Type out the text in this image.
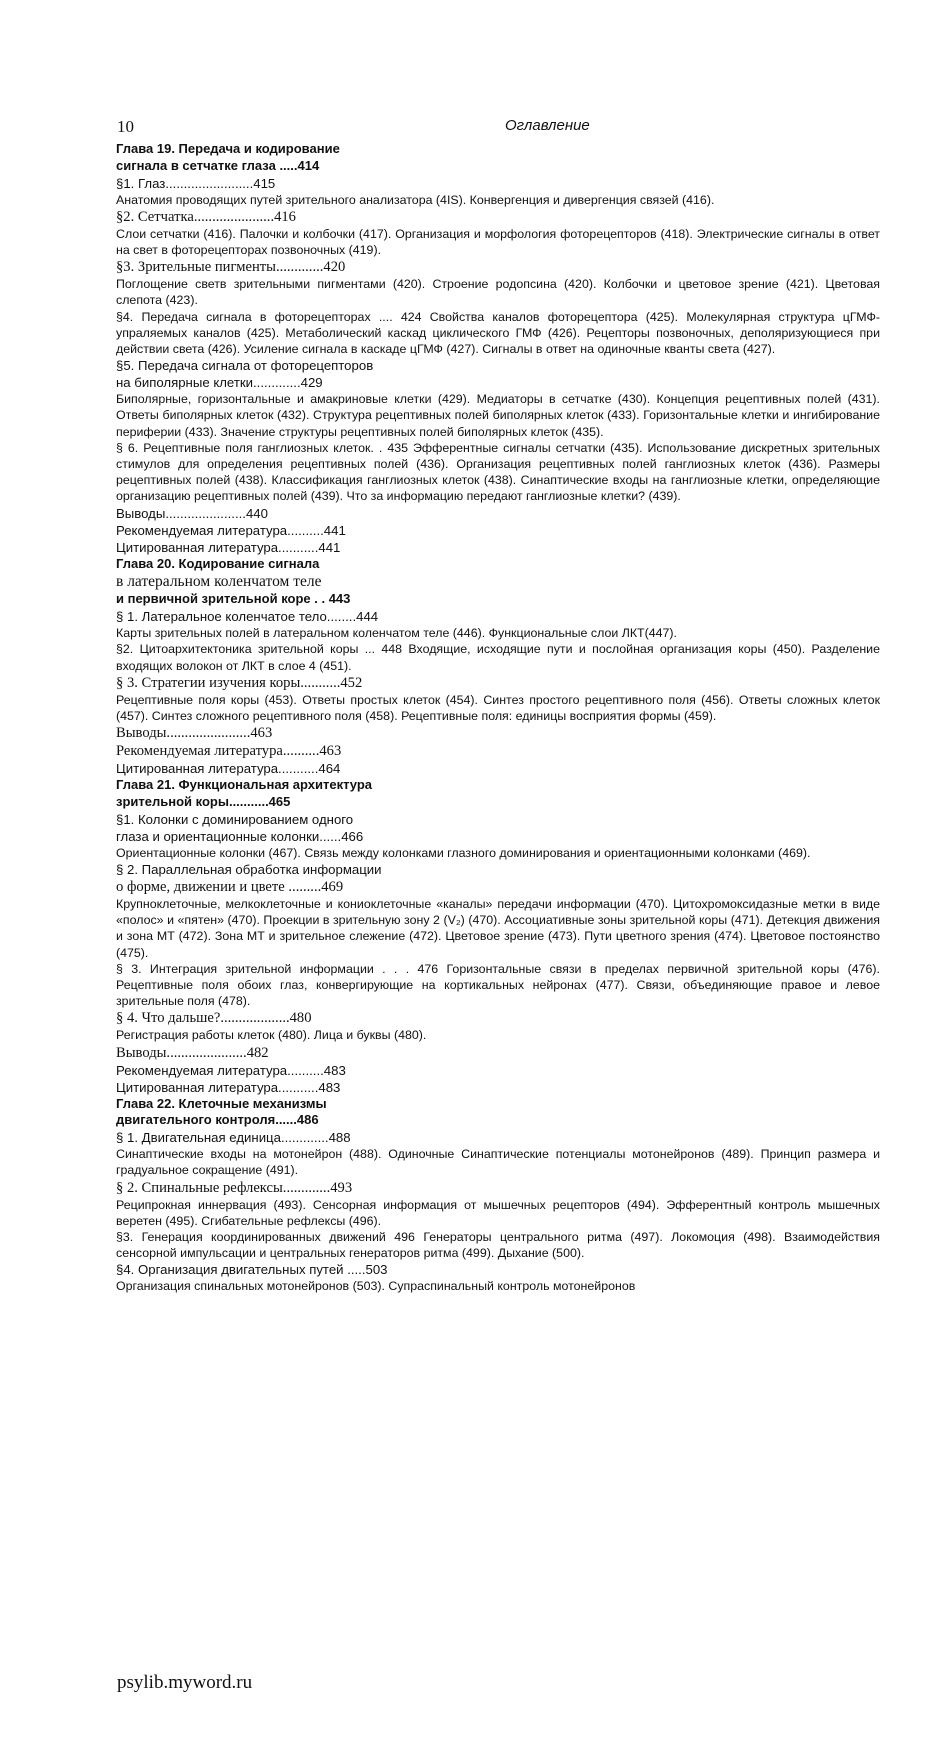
10	Оглавление
Глава 19. Передача и кодирование
сигнала в сетчатке глаза .....414
§1. Глаз........................415
Анатомия проводящих путей зрительного анализатора (4IS). Конвергенция и дивергенция связей (416).
§2. Сетчатка......................416
Слои сетчатки (416). Палочки и колбочки (417). Организация и морфология фоторецепторов (418). Электрические сигналы в ответ на свет в фоторецепторах позвоночных (419).
§3. Зрительные пигменты.............420
Поглощение светв зрительными пигментами (420). Строение родопсина (420). Колбочки и цветовое зрение (421). Цветовая слепота (423).
§4. Передача сигнала в фоторецепторах .... 424 Свойства каналов фоторецептора (425). Молекулярная структура цГМФ-упраляемых каналов (425). Метаболический каскад циклического ГМФ (426). Рецепторы позвоночных, деполяризующиеся при действии света (426). Усиление сигнала в каскаде цГМФ (427). Сигналы в ответ на одиночные кванты света (427).
§5. Передача сигнала от фоторецепторов
на биполярные клетки.............429
Биполярные, горизонтальные и амакриновые клетки (429). Медиаторы в сетчатке (430). Концепция рецептивных полей (431). Ответы биполярных клеток (432). Структура рецептивных полей биполярных клеток (433). Горизонтальные клетки и ингибирование периферии (433). Значение структуры рецептивных полей биполярных клеток (435).
§ 6. Рецептивные поля ганглиозных клеток. . 435 Эфферентные сигналы сетчатки (435). Использование дискретных зрительных стимулов для определения рецептивных полей (436). Организация рецептивных полей ганглиозных клеток (436). Размеры рецептивных полей (438). Классификация ганглиозных клеток (438). Синаптические входы на ганглиозные клетки, определяющие организацию рецептивных полей (439). Что за информацию передают ганглиозные клетки? (439).
Выводы......................440
Рекомендуемая литература..........441
Цитированная литература...........441
Глава 20. Кодирование сигнала
в латеральном коленчатом теле
и первичной зрительной коре . . 443
§ 1. Латеральное коленчатое тело........444
Карты зрительных полей в латеральном коленчатом теле (446). Функциональные слои ЛКТ(447).
§2. Цитоархитектоника зрительной коры ... 448 Входящие, исходящие пути и послойная организация коры (450). Разделение входящих волокон от ЛКТ в слое 4 (451).
§ 3. Стратегии изучения коры...........452
Рецептивные поля коры (453). Ответы простых клеток (454). Синтез простого рецептивного поля (456). Ответы сложных клеток (457). Синтез сложного рецептивного поля (458). Рецептивные поля: единицы восприятия формы (459).
Выводы.......................463
Рекомендуемая литература..........463
Цитированная литература...........464
Глава 21. Функциональная архитектура
зрительной коры...........465
§1. Колонки с доминированием одного
глаза и ориентационные колонки......466
Ориентационные колонки (467). Связь между колонками глазного доминирования и ориентационными колонками (469).
§ 2. Параллельная обработка информации
о форме, движении и цвете .........469
Крупноклеточные, мелкоклеточные и кониоклеточные «каналы» передачи информации (470). Цитохромоксидазные метки в виде «полос» и «пятен» (470). Проекции в зрительную зону 2 (V₂) (470). Ассоциативные зоны зрительной коры (471). Детекция движения и зона МТ (472). Зона МТ и зрительное слежение (472). Цветовое зрение (473). Пути цветного зрения (474). Цветовое постоянство (475).
§ 3. Интеграция зрительной информации . . . 476 Горизонтальные связи в пределах первичной зрительной коры (476). Рецептивные поля обоих глаз, конвергирующие на кортикальных нейронах (477). Связи, объединяющие правое и левое зрительные поля (478).
§ 4. Что дальше?...................480
Регистрация работы клеток (480). Лица и буквы (480).
Выводы......................482
Рекомендуемая литература..........483
Цитированная литература...........483
Глава 22. Клеточные механизмы
двигательного контроля......486
§ 1. Двигательная единица.............488
Синаптические входы на мотонейрон (488). Одиночные Синаптические потенциалы мотонейронов (489). Принцип размера и градуальное сокращение (491).
§ 2. Спинальные рефлексы.............493
Реципрокная иннервация (493). Сенсорная информация от мышечных рецепторов (494). Эфферентный контроль мышечных веретен (495). Сгибательные рефлексы (496).
§3. Генерация координированных движений 496 Генераторы центрального ритма (497). Локомоция (498). Взаимодействия сенсорной импульсации и центральных генераторов ритма (499). Дыхание (500).
§4. Организация двигательных путей .....503
Организация спинальных мотонейронов (503). Супраспинальный контроль мотонейронов
psylib.myword.ru
